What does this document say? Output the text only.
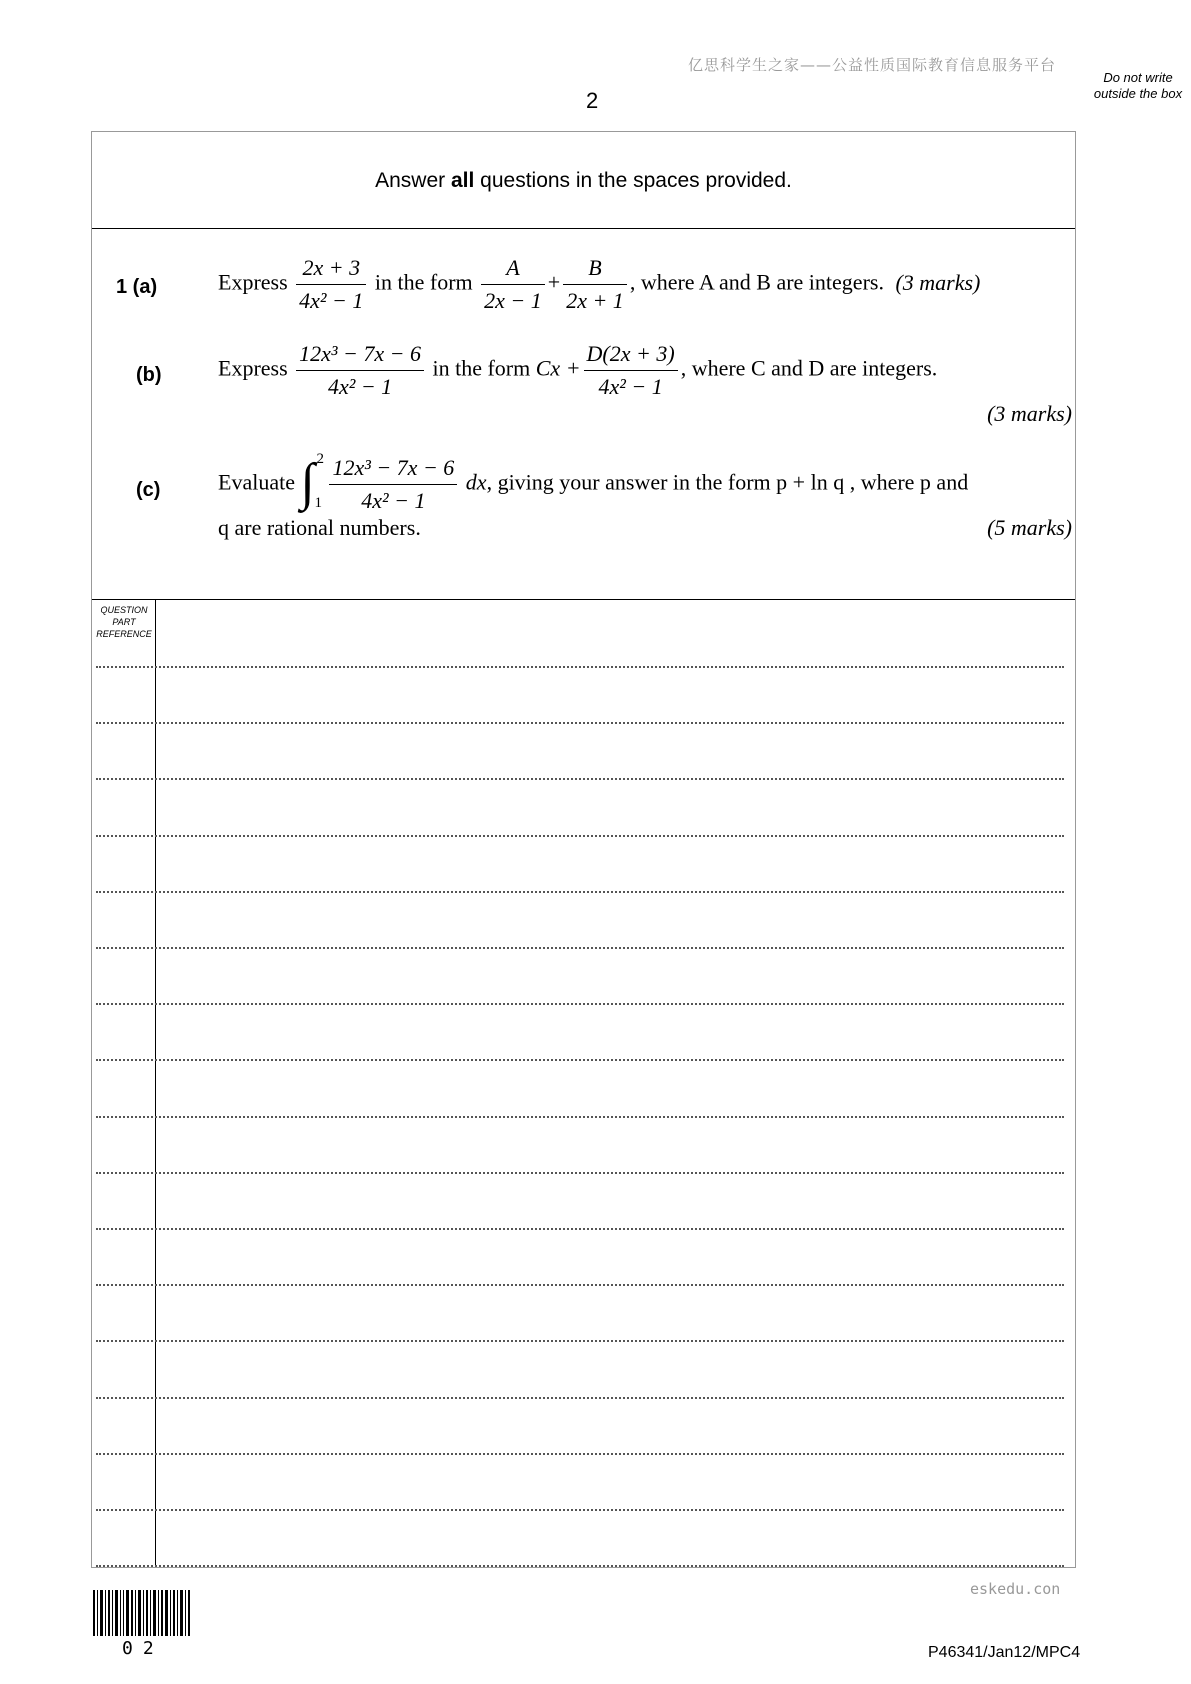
亿思科学生之家——公益性质国际教育信息服务平台
2
Do not write outside the box
Answer all questions in the spaces provided.
1 (a)	Express $\frac{2x + 3}{\text{4x² − 1}}$ in the form $\frac{A}{2x - 1} + \frac{B}{2x + 1}$ , where A and B are integers. (3 marks)
(b)	Express $\frac{\text{12x³ − 7x − 6}}{\text{4x² − 1}}$ in the form $Cx + \frac{D(2x + 3)}{\text{4x² − 1}}$ , where C and D are integers.
(3 marks)
(c)	Evaluate ∫ 2
$1 \frac{\text{12x³ − 7x − 6}}{\text{4x² − 1}}$ dx, giving your answer in the form p + ln q , where p and
q are rational numbers.	(5 marks)
QUESTION PART REFERENCE
02
eskedu.con
P46341/Jan12/MPC4
